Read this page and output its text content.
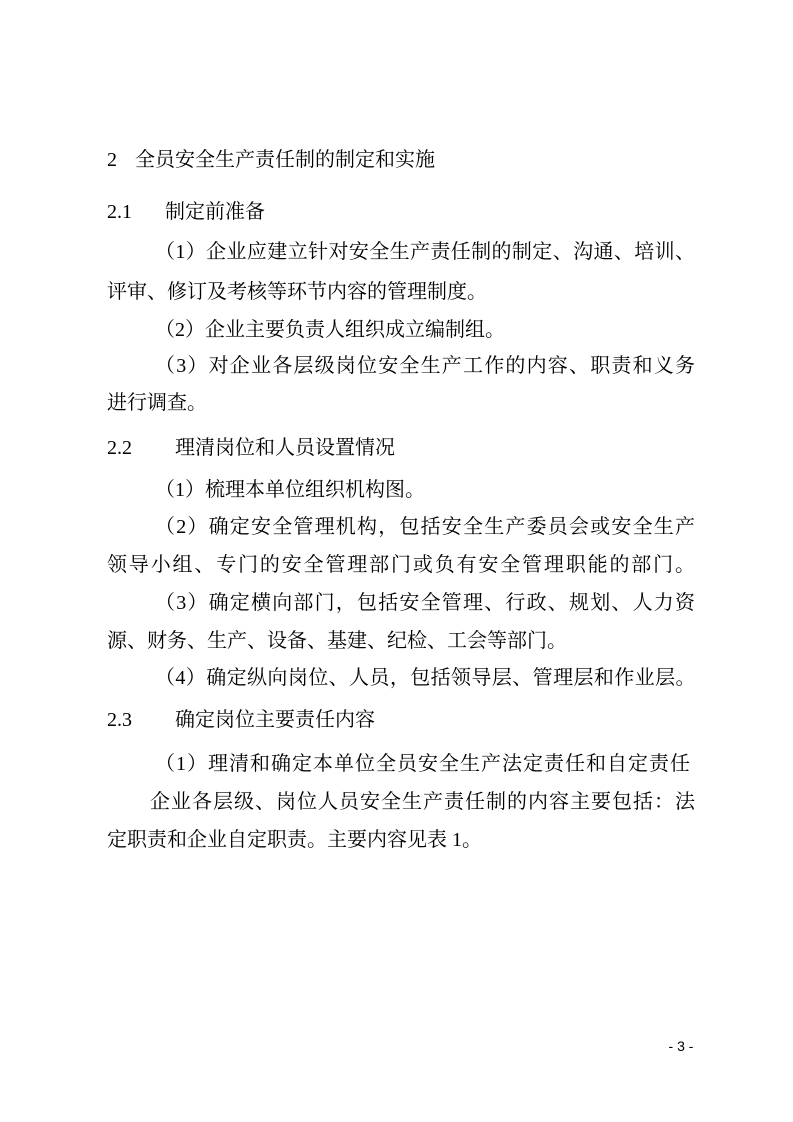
2 全员安全生产责任制的制定和实施
2.1 制定前准备
（1）企业应建立针对安全生产责任制的制定、沟通、培训、
评审、修订及考核等环节内容的管理制度。
（2）企业主要负责人组织成立编制组。
（3）对企业各层级岗位安全生产工作的内容、职责和义务
进行调查。
2.2 理清岗位和人员设置情况
（1）梳理本单位组织机构图。
（2）确定安全管理机构，包括安全生产委员会或安全生产
领导小组、专门的安全管理部门或负有安全管理职能的部门。
（3）确定横向部门，包括安全管理、行政、规划、人力资
源、财务、生产、设备、基建、纪检、工会等部门。
（4）确定纵向岗位、人员，包括领导层、管理层和作业层。
2.3 确定岗位主要责任内容
（1）理清和确定本单位全员安全生产法定责任和自定责任
企业各层级、岗位人员安全生产责任制的内容主要包括：法
定职责和企业自定职责。主要内容见表 1。
- 3 -
